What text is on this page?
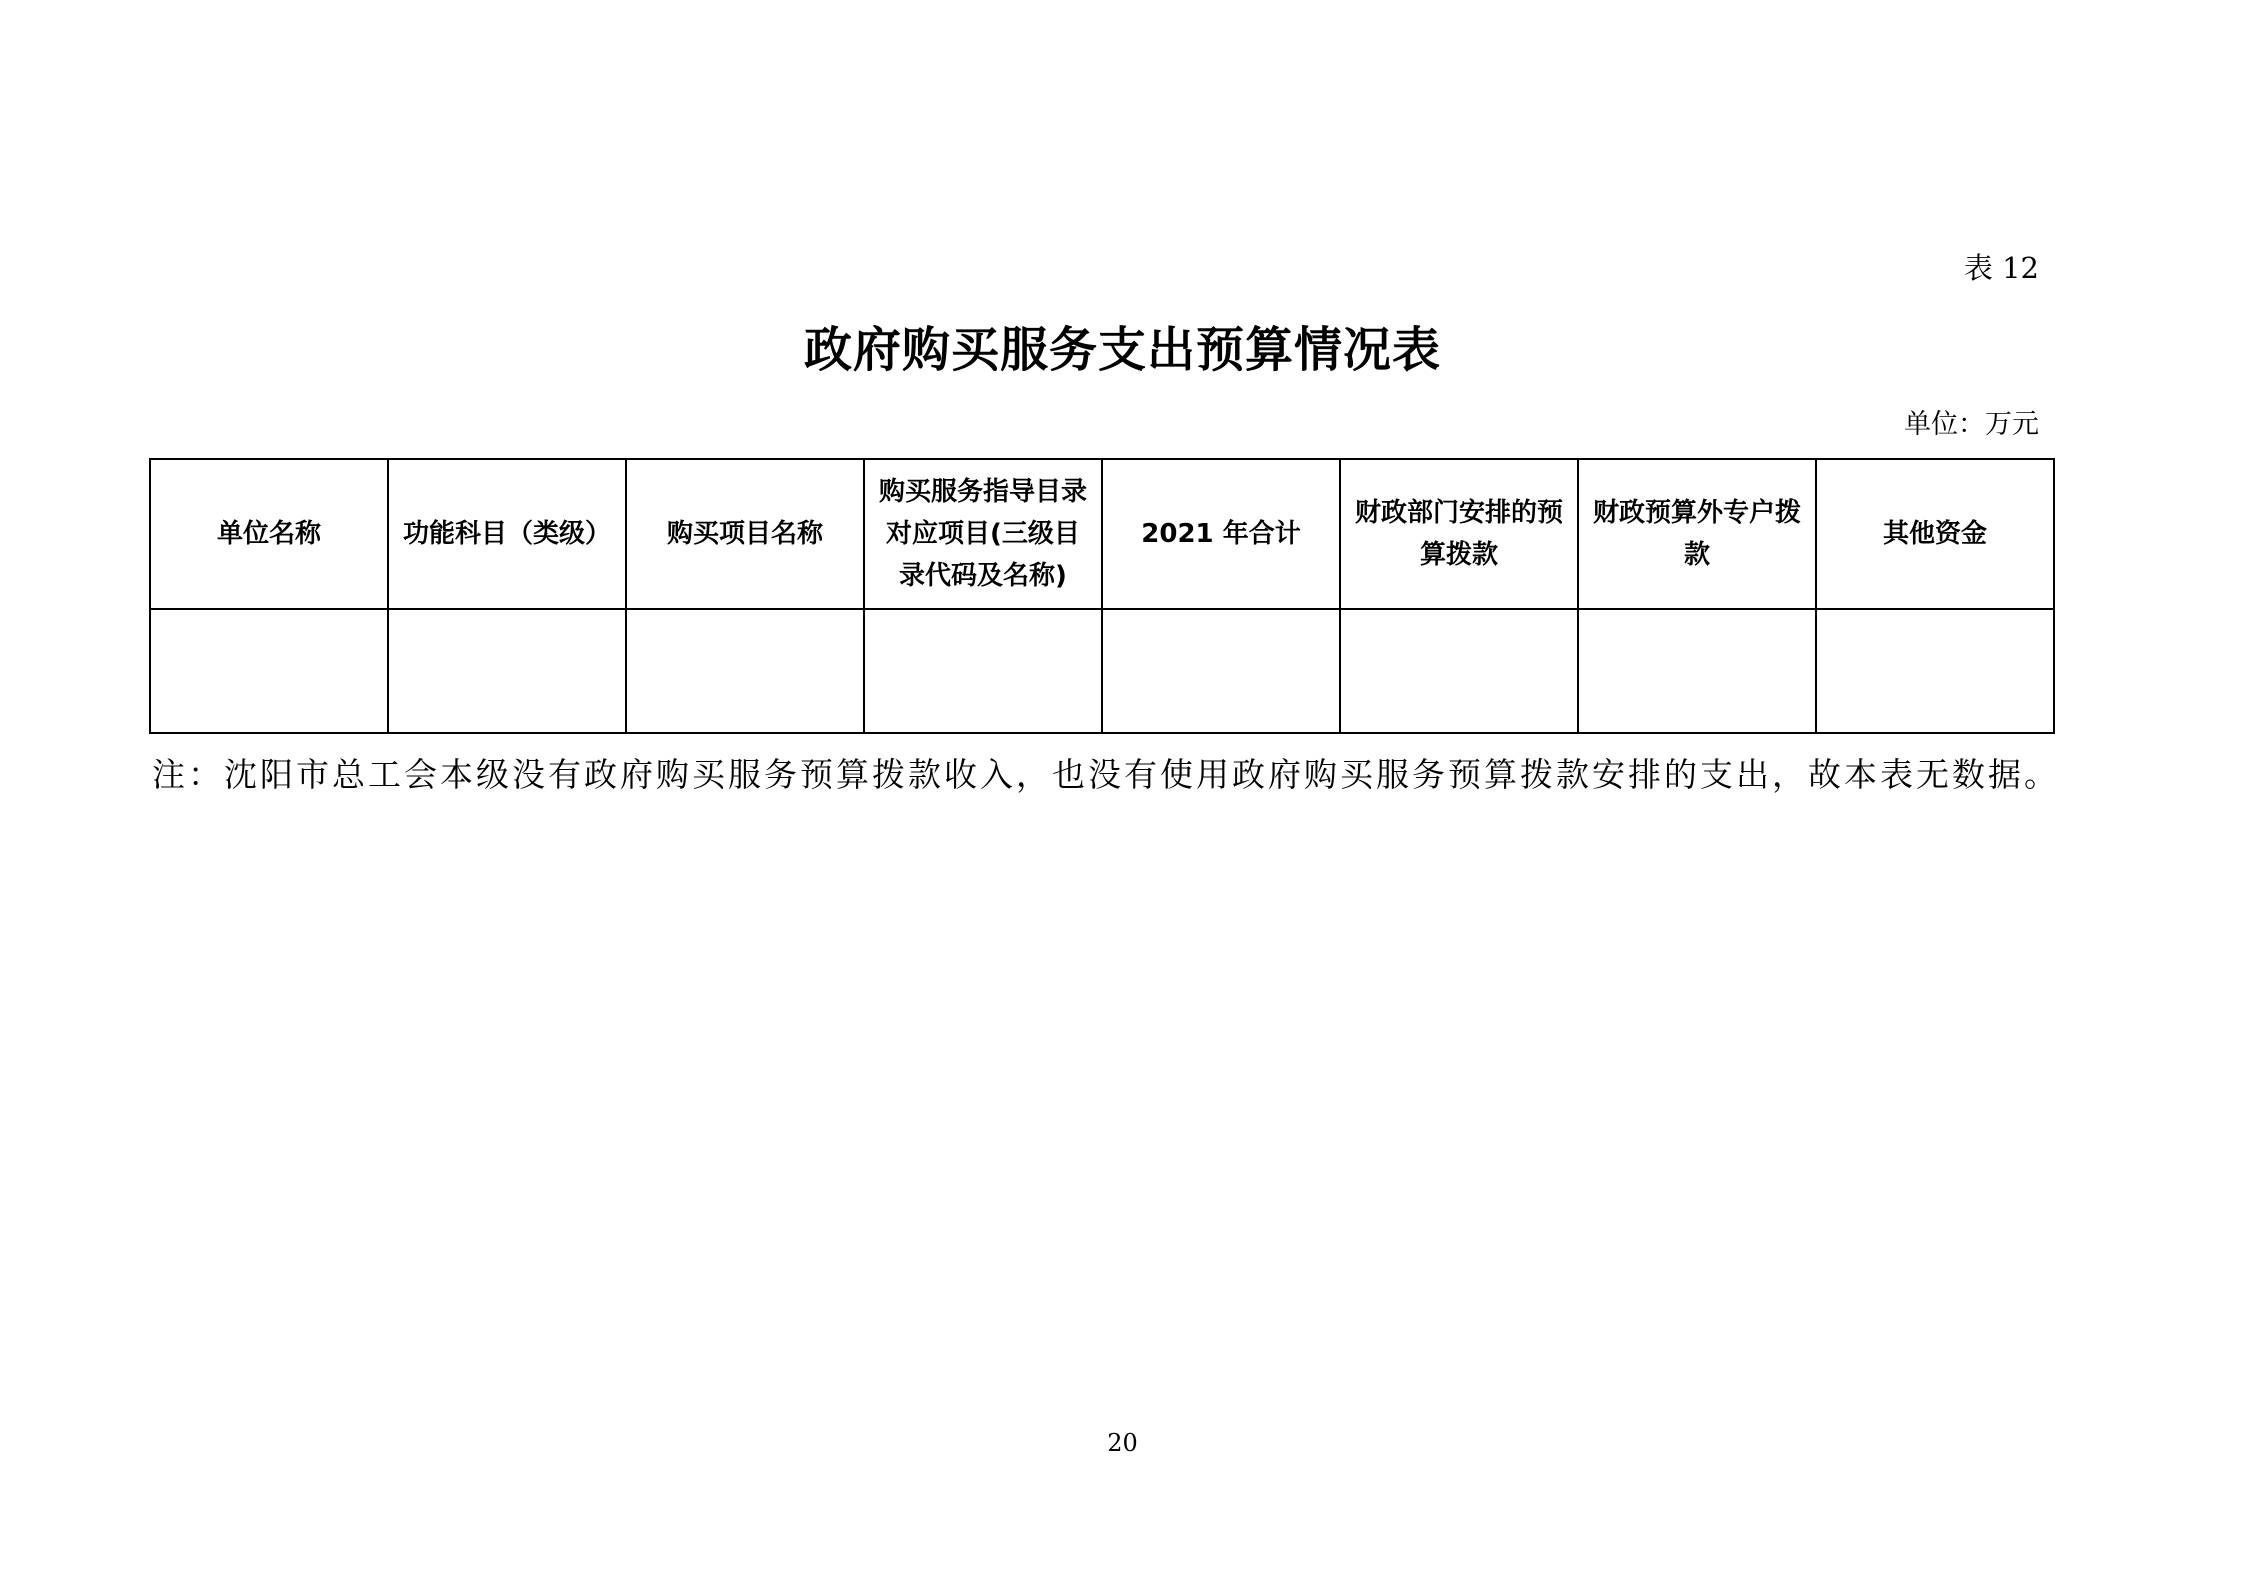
表 12
政府购买服务支出预算情况表
单位：万元
单位名称	功能科目（类级）	购买项目名称	购买服务指导目录对应项目(三级目录代码及名称)	2021 年合计	财政部门安排的预算拨款	财政预算外专户拨款	其他资金

注：沈阳市总工会本级没有政府购买服务预算拨款收入，也没有使用政府购买服务预算拨款安排的支出，故本表无数据。
20
